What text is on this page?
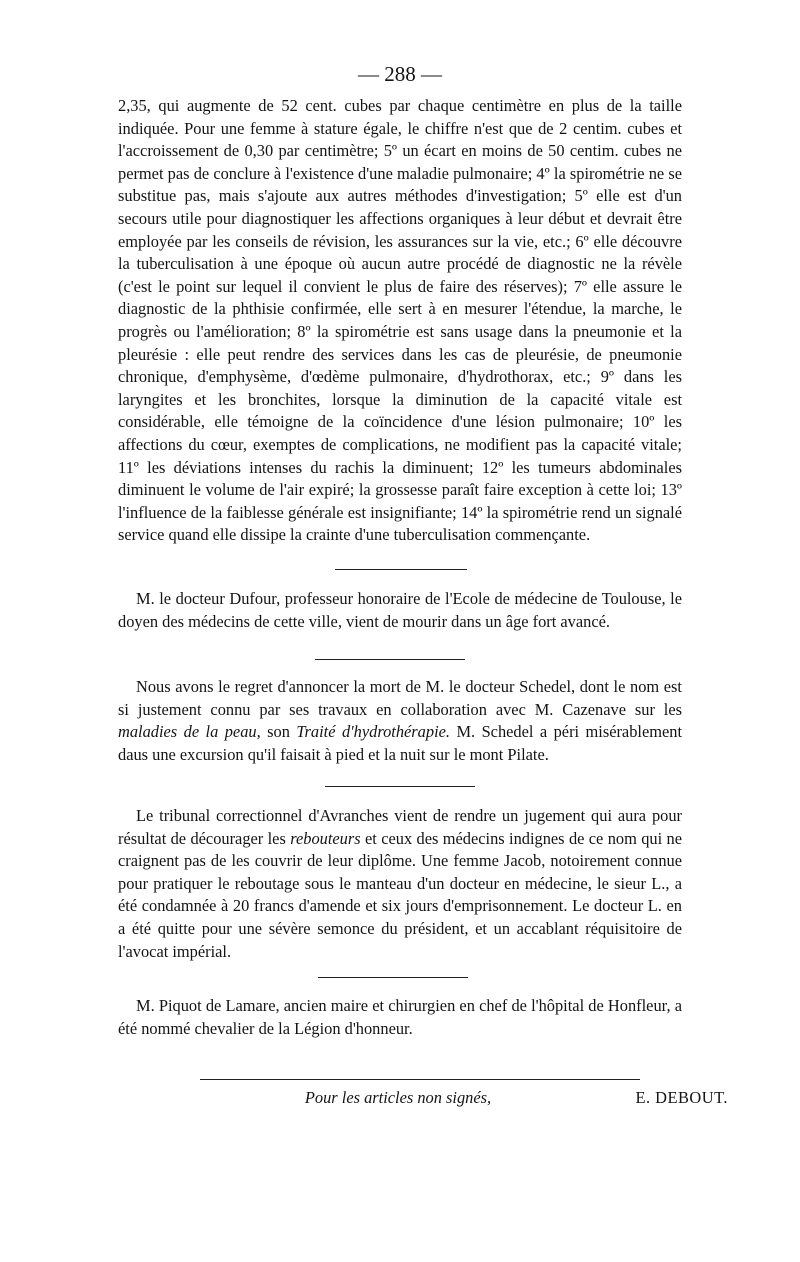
— 288 —

2,35, qui augmente de 52 cent. cubes par chaque centimètre en plus de la taille indiquée. Pour une femme à stature égale, le chiffre n'est que de 2 centim. cubes et l'accroissement de 0,30 par centimètre; 5º un écart en moins de 50 centim. cubes ne permet pas de conclure à l'existence d'une maladie pulmonaire; 4º la spirométrie ne se substitue pas, mais s'ajoute aux autres méthodes d'investigation; 5º elle est d'un secours utile pour diagnostiquer les affections organiques à leur début et devrait être employée par les conseils de révision, les assurances sur la vie, etc.; 6º elle découvre la tuberculisation à une époque où aucun autre procédé de diagnostic ne la révèle (c'est le point sur lequel il convient le plus de faire des réserves); 7º elle assure le diagnostic de la phthisie confirmée, elle sert à en mesurer l'étendue, la marche, le progrès ou l'amélioration; 8º la spirométrie est sans usage dans la pneumonie et la pleurésie : elle peut rendre des services dans les cas de pleurésie, de pneumonie chronique, d'emphysème, d'œdème pulmonaire, d'hydrothorax, etc.; 9º dans les laryngites et les bronchites, lorsque la diminution de la capacité vitale est considérable, elle témoigne de la coïncidence d'une lésion pulmonaire; 10º les affections du cœur, exemptes de complications, ne modifient pas la capacité vitale; 11º les déviations intenses du rachis la diminuent; 12º les tumeurs abdominales diminuent le volume de l'air expiré; la grossesse paraît faire exception à cette loi; 13º l'influence de la faiblesse générale est insignifiante; 14º la spirométrie rend un signalé service quand elle dissipe la crainte d'une tuberculisation commençante.

M. le docteur Dufour, professeur honoraire de l'Ecole de médecine de Toulouse, le doyen des médecins de cette ville, vient de mourir dans un âge fort avancé.

Nous avons le regret d'annoncer la mort de M. le docteur Schedel, dont le nom est si justement connu par ses travaux en collaboration avec M. Cazenave sur les maladies de la peau, son Traité d'hydrothérapie. M. Schedel a péri misérablement daus une excursion qu'il faisait à pied et la nuit sur le mont Pilate.

Le tribunal correctionnel d'Avranches vient de rendre un jugement qui aura pour résultat de décourager les rebouteurs et ceux des médecins indignes de ce nom qui ne craignent pas de les couvrir de leur diplôme. Une femme Jacob, notoirement connue pour pratiquer le reboutage sous le manteau d'un docteur en médecine, le sieur L., a été condamnée à 20 francs d'amende et six jours d'emprisonnement. Le docteur L. en a été quitte pour une sévère semonce du président, et un accablant réquisitoire de l'avocat impérial.

M. Piquot de Lamare, ancien maire et chirurgien en chef de l'hôpital de Honfleur, a été nommé chevalier de la Légion d'honneur.

Pour les articles non signés,	E. DEBOUT.
